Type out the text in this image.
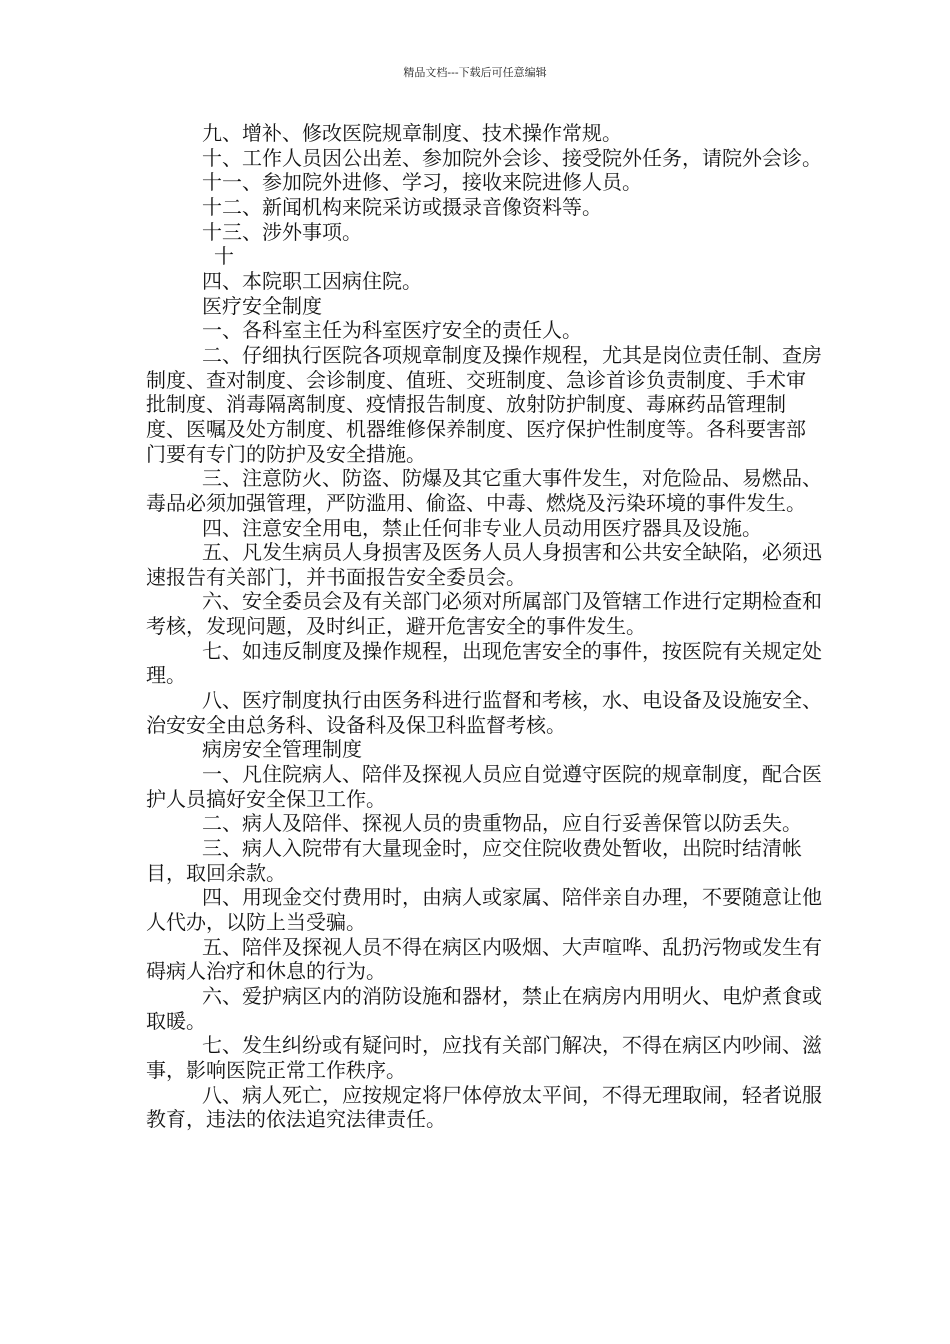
精品文档---下载后可任意编辑

九、增补、修改医院规章制度、技术操作常规。

十、工作人员因公出差、参加院外会诊、接受院外任务，请院外会诊。

十一、参加院外进修、学习，接收来院进修人员。

十二、新闻机构来院采访或摄录音像资料等。

十三、涉外事项。

十

四、本院职工因病住院。

医疗安全制度

一、各科室主任为科室医疗安全的责任人。

二、仔细执行医院各项规章制度及操作规程，尤其是岗位责任制、查房制度、查对制度、会诊制度、值班、交班制度、急诊首诊负责制度、手术审批制度、消毒隔离制度、疫情报告制度、放射防护制度、毒麻药品管理制度、医嘱及处方制度、机器维修保养制度、医疗保护性制度等。各科要害部门要有专门的防护及安全措施。

三、注意防火、防盗、防爆及其它重大事件发生，对危险品、易燃品、毒品必须加强管理，严防滥用、偷盗、中毒、燃烧及污染环境的事件发生。

四、注意安全用电，禁止任何非专业人员动用医疗器具及设施。

五、凡发生病员人身损害及医务人员人身损害和公共安全缺陷，必须迅速报告有关部门，并书面报告安全委员会。

六、安全委员会及有关部门必须对所属部门及管辖工作进行定期检查和考核，发现问题，及时纠正，避开危害安全的事件发生。

七、如违反制度及操作规程，出现危害安全的事件，按医院有关规定处理。

八、医疗制度执行由医务科进行监督和考核，水、电设备及设施安全、治安安全由总务科、设备科及保卫科监督考核。

病房安全管理制度

一、凡住院病人、陪伴及探视人员应自觉遵守医院的规章制度，配合医护人员搞好安全保卫工作。

二、病人及陪伴、探视人员的贵重物品，应自行妥善保管以防丢失。

三、病人入院带有大量现金时，应交住院收费处暂收，出院时结清帐目，取回余款。

四、用现金交付费用时，由病人或家属、陪伴亲自办理，不要随意让他人代办，以防上当受骗。

五、陪伴及探视人员不得在病区内吸烟、大声喧哗、乱扔污物或发生有碍病人治疗和休息的行为。

六、爱护病区内的消防设施和器材，禁止在病房内用明火、电炉煮食或取暖。

七、发生纠纷或有疑问时，应找有关部门解决，不得在病区内吵闹、滋事，影响医院正常工作秩序。

八、病人死亡，应按规定将尸体停放太平间，不得无理取闹，轻者说服教育，违法的依法追究法律责任。
